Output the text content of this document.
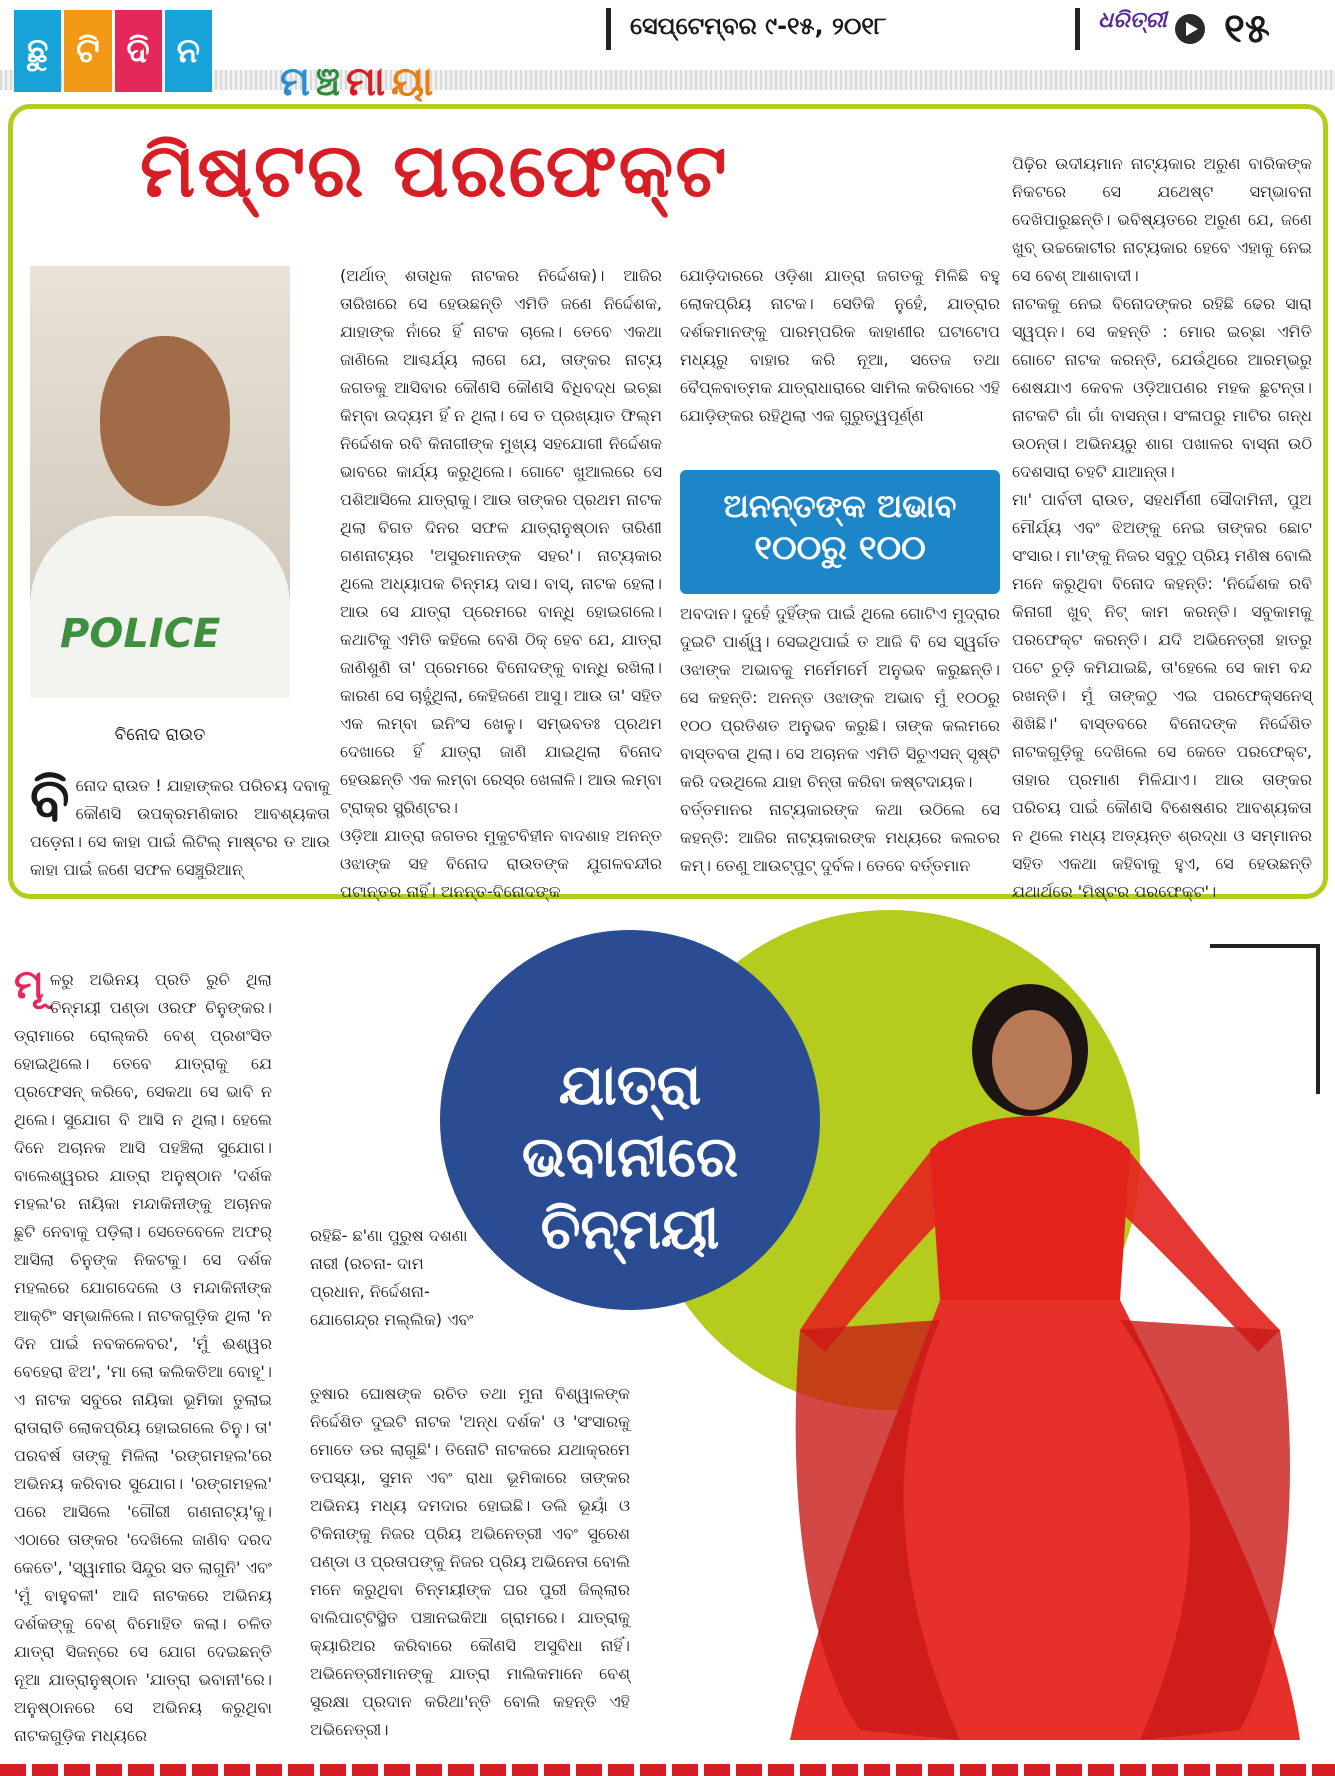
ଛୁ ଟି ଦି ନ
ମ ଞ୍ଚ ମା ୟା
ସେପ୍ଟେମ୍ବର ୯-୧୫, ୨୦୧୮	ଧରିତ୍ରୀ ୧୫
ମିଷ୍ଟର ପରଫେକ୍ଟ
POLICE
ବିନୋଦ ରାଉତ
ବିନୋଦ ରାଉତ ! ଯାହାଙ୍କର ପରିଚୟ ଦବାକୁ କୌଣସି ଉପକ୍ରମଣିକାର ଆବଶ୍ୟକତା ପଡ଼େନା। ସେ କାହା ପାଇଁ ଲିଟିଲ୍ ମାଷ୍ଟର ତ ଆଉ କାହା ପାଇଁ ଜଣେ ସଫଳ ସେଞ୍ଚୁରିଆନ୍
(ଅର୍ଥାତ୍ ଶତାଧିକ ନାଟକର ନିର୍ଦ୍ଦେଶକ)। ଆଜିର ତାରିଖରେ ସେ ହେଉଛନ୍ତି ଏମିତି ଜଣେ ନିର୍ଦ୍ଦେଶକ, ଯାହାଙ୍କ ନାଁରେ ହିଁ ନାଟକ ଚାଲେ। ତେବେ ଏକଥା ଜାଣିଲେ ଆଶ୍ଚର୍ଯ୍ୟ ଲାଗେ ଯେ, ତାଙ୍କର ନାଟ୍ୟ ଜଗତକୁ ଆସିବାର କୌଣସି କୌଣସି ବିଧିବଦ୍ଧ ଇଚ୍ଛା କିମ୍ବା ଉଦ୍ୟମ ହିଁ ନ ଥିଲା। ସେ ତ ପ୍ରଖ୍ୟାତ ଫିଲ୍ମ ନିର୍ଦ୍ଦେଶକ ରବି କିନାଗୀଙ୍କ ମୁଖ୍ୟ ସହଯୋଗୀ ନିର୍ଦ୍ଦେଶକ ଭାବରେ କାର୍ଯ୍ୟ କରୁଥିଲେ। ଗୋଟେ ଖୁଆଲରେ ସେ ପଶିଆସିଲେ ଯାତ୍ରାକୁ। ଆଉ ତାଙ୍କର ପ୍ରଥମ ନାଟକ ଥିଲା ବିଗତ ଦିନର ସଫଳ ଯାତ୍ରାନୁଷ୍ଠାନ ତାରିଣୀ ଗଣନାଟ୍ୟର 'ଅସୁରମାନଙ୍କ ସହର'। ନାଟ୍ୟକାର ଥିଲେ ଅଧ୍ୟାପକ ଚିନ୍ମୟ ଦାସ। ବାସ୍, ନାଟକ ହେଲା। ଆଉ ସେ ଯାତ୍ରା ପ୍ରେମରେ ବାନ୍ଧି ହୋଇଗଲେ। କଥାଟିକୁ ଏମିତି କହିଲେ ବେଶି ଠିକ୍ ହେବ ଯେ, ଯାତ୍ରା ଜାଣିଶୁଣି ତା' ପ୍ରେମରେ ବିନୋଦଙ୍କୁ ବାନ୍ଧି ରଖିଲା। କାରଣ ସେ ଚାହୁଁଥିଲା, କେହିଜଣେ ଆସୁ। ଆଉ ତା' ସହିତ ଏକ ଲମ୍ବା ଇନିଂସ ଖେଳୁ। ସମ୍ଭବତଃ ପ୍ରଥମ ଦେଖାରେ ହିଁ ଯାତ୍ରା ଜାଣି ଯାଇଥିଲା ବିନୋଦ ହେଉଛନ୍ତି ଏକ ଲମ୍ବା ରେସ୍‌ର ଖେଳାଳି। ଆଉ ଲମ୍ବା ଟ୍ରାକ୍‌ର ସ୍ପ୍ରିଣ୍ଟର।
ଓଡ଼ିଆ ଯାତ୍ରା ଜଗତର ମୁକୁଟବିହୀନ ବାଦଶାହ ଅନନ୍ତ ଓଝାଙ୍କ ସହ ବିନୋଦ ରାଉତଙ୍କ ଯୁଗଳବନ୍ଦୀର ପଟାନ୍ତର ନାହିଁ। ଅନନ୍ତ-ବିନୋଦଙ୍କ
ଯୋଡ଼ିଦାରରେ ଓଡ଼ିଶା ଯାତ୍ରା ଜଗତକୁ ମିଳିଛି ବହୁ ଲୋକପ୍ରିୟ ନାଟକ। ସେତିକି ନୁହେଁ, ଯାତ୍ରାର ଦର୍ଶକମାନଙ୍କୁ ପାରମ୍ପରିକ କାହାଣୀର ଘଟାଟୋପ ମଧ୍ୟରୁ ବାହାର କରି ନୂଆ, ସତେଜ ତଥା ବୈପ୍ଳବାତ୍ମକ ଯାତ୍ରାଧାରାରେ ସାମିଲ କରିବାରେ ଏହି ଯୋଡ଼ିଙ୍କର ରହିଥିଲା ଏକ ଗୁରୁତ୍ୱପୂର୍ଣ୍ଣ
ଅନନ୍ତଙ୍କ ଅଭାବ
୧୦୦ରୁ ୧୦୦
ଅବଦାନ। ଦୁହେଁ ଦୁହିଁଙ୍କ ପାଇଁ ଥିଲେ ଗୋଟିଏ ମୁଦ୍ରାର ଦୁଇଟି ପାର୍ଶ୍ୱ। ସେଇଥିପାଇଁ ତ ଆଜି ବି ସେ ସ୍ୱର୍ଗତ ଓଝାଙ୍କ ଅଭାବକୁ ମର୍ମେମର୍ମେ ଅନୁଭବ କରୁଛନ୍ତି। ସେ କହନ୍ତି: ଅନନ୍ତ ଓଝାଙ୍କ ଅଭାବ ମୁଁ ୧୦୦ରୁ ୧୦୦ ପ୍ରତିଶତ ଅନୁଭବ କରୁଛି। ତାଙ୍କ କଲମରେ ବାସ୍ତବତା ଥିଲା। ସେ ଅଚାନକ ଏମିତି ସିଚୁଏସନ୍ ସୃଷ୍ଟି କରି ଦଉଥିଲେ ଯାହା ଚିନ୍ତା କରିବା କଷ୍ଟଦାୟକ।
ବର୍ତ୍ତମାନର ନାଟ୍ୟକାରଙ୍କ କଥା ଉଠିଲେ ସେ କହନ୍ତି: ଆଜିର ନାଟ୍ୟକାରଙ୍କ ମଧ୍ୟରେ କଲଚର କମ୍। ତେଣୁ ଆଉଟ୍‌ପୁଟ୍ ଦୁର୍ବଳ। ତେବେ ବର୍ତ୍ତମାନ
ପିଢ଼ିର ଉଦୀୟମାନ ନାଟ୍ୟକାର ଅରୁଣ ବାରିକଙ୍କ ନିକଟରେ ସେ ଯଥେଷ୍ଟ ସମ୍ଭାବନା ଦେଖିପାରୁଛନ୍ତି। ଭବିଷ୍ୟତରେ ଅରୁଣ ଯେ, ଜଣେ ଖୁବ୍ ଉଚ୍ଚକୋଟୀର ନାଟ୍ୟକାର ହେବେ ଏହାକୁ ନେଇ ସେ ବେଶ୍ ଆଶାବାଦୀ।
ନାଟକକୁ ନେଇ ବିନୋଦଙ୍କର ରହିଛି ଢେର ସାରା ସ୍ୱପ୍ନ। ସେ କହନ୍ତି : ମୋର ଇଚ୍ଛା ଏମିତି ଗୋଟେ ନାଟକ କରନ୍ତି, ଯେଉଁଥିରେ ଆରମ୍ଭରୁ ଶେଷଯାଏ କେବଳ ଓଡ଼ିଆପଣର ମହକ ଛୁଟନ୍ତା। ନାଟକଟି ଗାଁ ଗାଁ ବାସନ୍ତା। ସଂଳାପରୁ ମାଟିର ଗନ୍ଧ ଉଠନ୍ତା। ଅଭିନୟରୁ ଶାଗ ପଖାଳର ବାସ୍ନା ଉଠି ଦେଶସାରା ଚହଟି ଯାଆନ୍ତା।
ମା' ପାର୍ବତୀ ରାଉତ, ସହଧର୍ମିଣୀ ସୌଦାମିନୀ, ପୁଅ ମୌର୍ଯ୍ୟ ଏବଂ ଝିଅଙ୍କୁ ନେଇ ତାଙ୍କର ଛୋଟ ସଂସାର। ମା'ଙ୍କୁ ନିଜର ସବୁଠୁ ପ୍ରିୟ ମଣିଷ ବୋଲି ମନେ କରୁଥିବା ବିନୋଦ କହନ୍ତି: 'ନିର୍ଦ୍ଦେଶକ ରବି କିନାଗୀ ଖୁବ୍ ନିଟ୍ କାମ କରନ୍ତି। ସବୁକାମକୁ ପରଫେକ୍ଟ କରନ୍ତି। ଯଦି ଅଭିନେତ୍ରୀ ହାତରୁ ପଟେ ଚୁଡ଼ି କମିଯାଇଛି, ତା'ହେଲେ ସେ କାମ ବନ୍ଦ ରଖନ୍ତି। ମୁଁ ତାଙ୍କଠୁ ଏଇ ପରଫେକ୍ସନେସ୍ ଶିଖିଛି।' ବାସ୍ତବରେ ବିନୋଦଙ୍କ ନିର୍ଦ୍ଦେଶିତ ନାଟକଗୁଡ଼ିକୁ ଦେଖିଲେ ସେ କେତେ ପରଫେକ୍ଟ, ତାହାର ପ୍ରମାଣ ମିଳିଯାଏ। ଆଉ ତାଙ୍କର ପରିଚୟ ପାଇଁ କୌଣସି ବିଶେଷଣର ଆବଶ୍ୟକତା ନ ଥିଲେ ମଧ୍ୟ ଅତ୍ୟନ୍ତ ଶ୍ରଦ୍ଧା ଓ ସମ୍ମାନର ସହିତ ଏକଥା କହିବାକୁ ହୁଏ, ସେ ହେଉଛନ୍ତି ଯଥାର୍ଥରେ 'ମିଷ୍ଟର ପରଫେକ୍ଟ'।
ଯାତ୍ରା
ଭବାନୀରେ
ଚିନ୍ମୟୀ
ମୂଳରୁ ଅଭିନୟ ପ୍ରତି ରୁଚି ଥିଲା ଚିନ୍ମୟୀ ପଣ୍ଡା ଓରଫ ଚିନୁଙ୍କର। ଡ୍ରାମାରେ ରୋଲ୍‌କରି ବେଶ୍ ପ୍ରଶଂସିତ ହୋଇଥିଲେ। ତେବେ ଯାତ୍ରାକୁ ଯେ ପ୍ରଫେସନ୍ କରିବେ, ସେକଥା ସେ ଭାବି ନ ଥିଲେ। ସୁଯୋଗ ବି ଆସି ନ ଥିଲା। ହେଲେ ଦିନେ ଅଚାନକ ଆସି ପହଞ୍ଚିଲା ସୁଯୋଗ। ବାଲେଶ୍ୱରର ଯାତ୍ରା ଅନୁଷ୍ଠାନ 'ଦର୍ଶକ ମହଲ'ର ନାୟିକା ମନ୍ଦାକିନୀଙ୍କୁ ଅଚାନକ ଛୁଟି ନେବାକୁ ପଡ଼ିଲା। ସେତେବେଳେ ଅଫର୍ ଆସିଲା ଚିନୁଙ୍କ ନିକଟକୁ। ସେ ଦର୍ଶକ ମହଲରେ ଯୋଗଦେଲେ ଓ ମନ୍ଦାକିନୀଙ୍କ ଆକ୍ଟିଂ ସମ୍ଭାଳିଲେ। ନାଟକଗୁଡ଼ିକ ଥିଲା 'ନ ଦିନ ପାଇଁ ନବକଳେବର', 'ମୁଁ ଈଶ୍ୱର ବେହେରା ଝିଅ', 'ମା ଲୋ କଲିକତିଆ ବୋହୂ'। ଏ ନାଟକ ସବୁରେ ନାୟିକା ଭୂମିକା ତୁଲାଇ ରାତାରାତି ଲୋକପ୍ରିୟ ହୋଇଗଲେ ଚିନୁ। ତା' ପରବର୍ଷ ତାଙ୍କୁ ମିଳିଲା 'ରଙ୍ଗମହଲ'ରେ ଅଭିନୟ କରିବାର ସୁଯୋଗ। 'ରଙ୍ଗମହଲ' ପରେ ଆସିଲେ 'ଗୌରୀ ଗଣନାଟ୍ୟ'କୁ। ଏଠାରେ ତାଙ୍କର 'ଦେଖିଲେ ଜାଣିବ ଦରଦ କେତେ', 'ସ୍ୱାମୀର ସିନ୍ଦୁର ସତ ଲାଗୁନି' ଏବଂ 'ମୁଁ ବାହୁବଳୀ' ଆଦି ନାଟକରେ ଅଭିନୟ ଦର୍ଶକଙ୍କୁ ବେଶ୍ ବିମୋହିତ କଲା। ଚଳିତ ଯାତ୍ରା ସିଜନ୍‌ରେ ସେ ଯୋଗ ଦେଇଛନ୍ତି ନୂଆ ଯାତ୍ରାନୁଷ୍ଠାନ 'ଯାତ୍ରା ଭବାନୀ'ରେ। ଅନୁଷ୍ଠାନରେ ସେ ଅଭିନୟ କରୁଥିବା ନାଟକଗୁଡ଼ିକ ମଧ୍ୟରେ
ରହିଛି- ଛ'ଣା ପୁରୁଷ ଦଶଣା ନାରୀ (ରଚନା- ଦାମ ପ୍ରଧାନ, ନିର୍ଦ୍ଦେଶନା- ଯୋଗେନ୍ଦ୍ର ମଲ୍ଲିକ) ଏବଂ
ତୁଷାର ଘୋଷଙ୍କ ରଚିତ ତଥା ମୁନା ବିଶ୍ୱାଳଙ୍କ ନିର୍ଦ୍ଦେଶିତ ଦୁଇଟି ନାଟକ 'ଅନ୍ଧ ଦର୍ଶକ' ଓ 'ସଂସାରକୁ ମୋତେ ଡର ଲାଗୁଛି'। ତିନୋଟି ନାଟକରେ ଯଥାକ୍ରମେ ତପସ୍ୟା, ସୁମନ ଏବଂ ରାଧା ଭୂମିକାରେ ତାଙ୍କର ଅଭିନୟ ମଧ୍ୟ ଦମଦାର ହୋଇଛି। ଡଲି ଭୂୟାଁ ଓ ଟିକିନାଙ୍କୁ ନିଜର ପ୍ରିୟ ଅଭିନେତ୍ରୀ ଏବଂ ସୁରେଶ ପଣ୍ଡା ଓ ପ୍ରତାପଙ୍କୁ ନିଜର ପ୍ରିୟ ଅଭିନେତା ବୋଲି ମନେ କରୁଥିବା ଚିନ୍ମୟୀଙ୍କ ଘର ପୁରୀ ଜିଲ୍ଲାର ବାଲିପାଟ୍ଟିସ୍ଥିତ ପଞ୍ଚାନଇକିଆ ଗ୍ରାମରେ। ଯାତ୍ରାକୁ କ୍ୟାରିଅର କରିବାରେ କୌଣସି ଅସୁବିଧା ନାହିଁ। ଅଭିନେତ୍ରୀମାନଙ୍କୁ ଯାତ୍ରା ମାଲିକମାନେ ବେଶ୍ ସୁରକ୍ଷା ପ୍ରଦାନ କରିଥା'ନ୍ତି ବୋଲି କହନ୍ତି ଏହି ଅଭିନେତ୍ରୀ।
